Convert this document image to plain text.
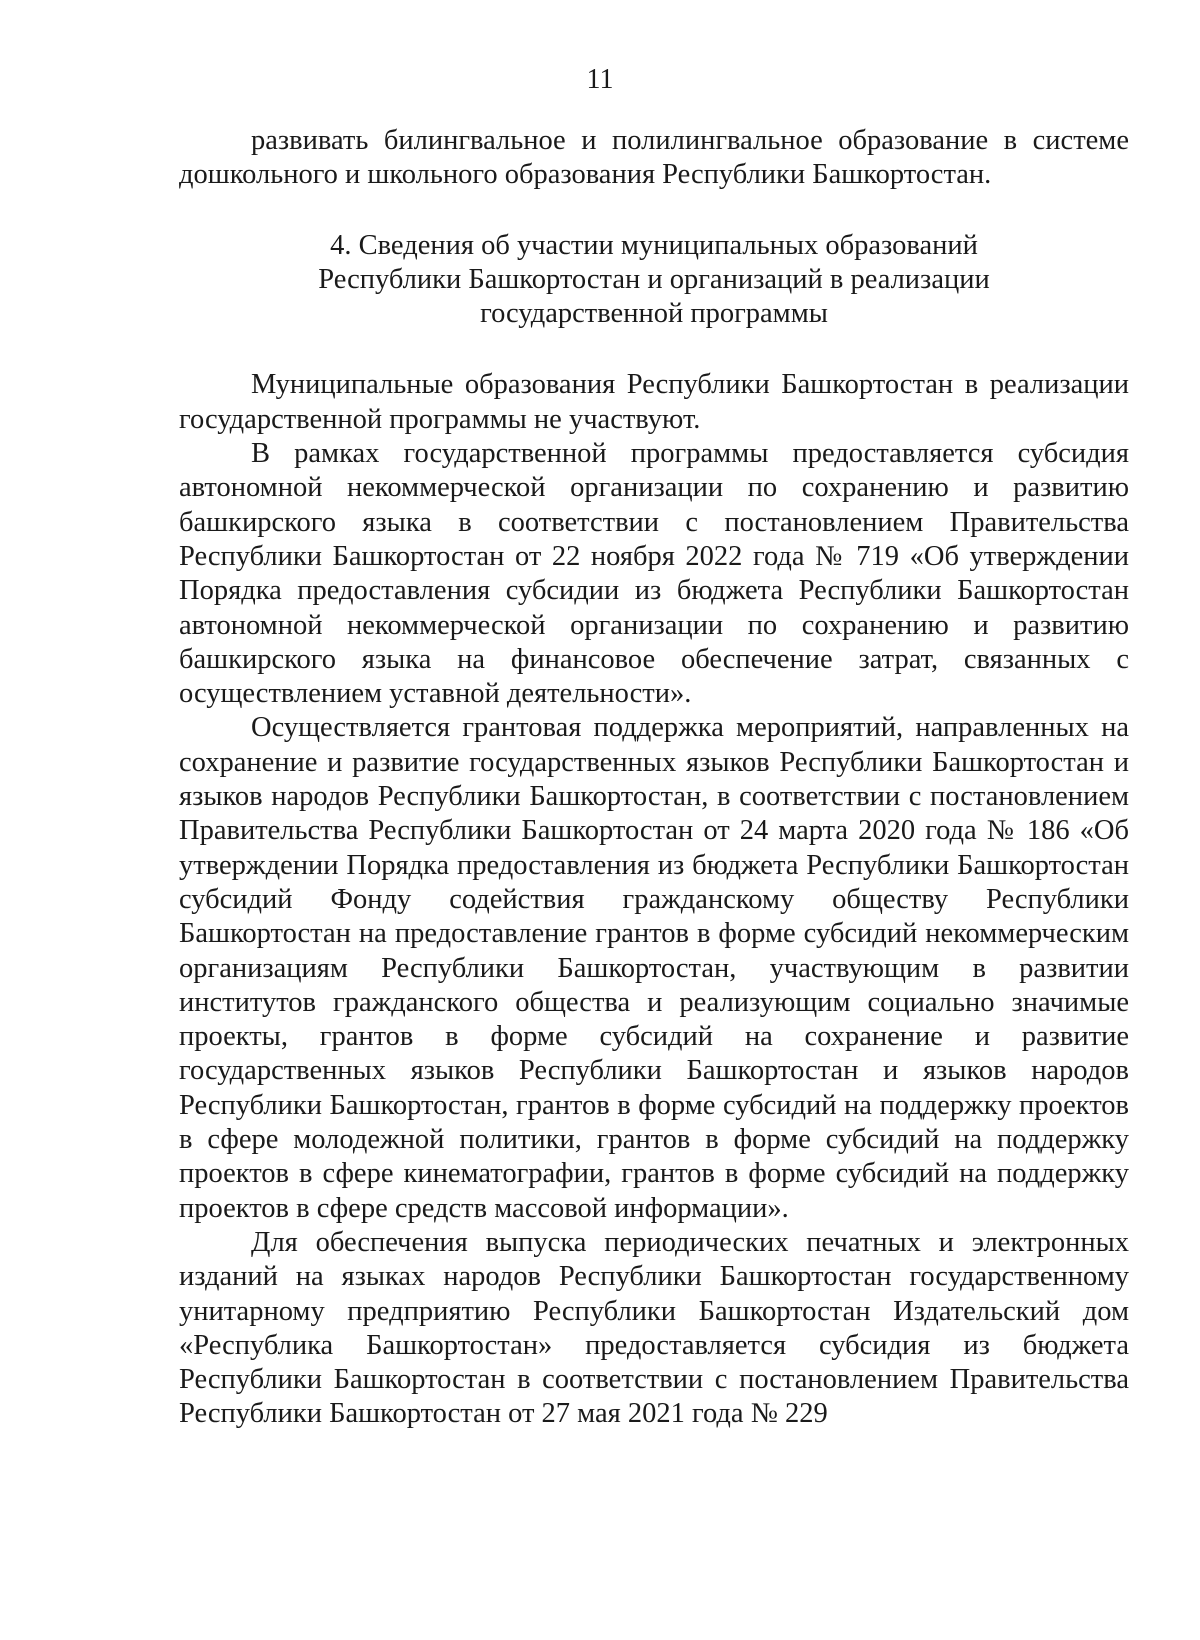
11

развивать билингвальное и полилингвальное образование в системе дошкольного и школьного образования Республики Башкортостан.

4. Сведения об участии муниципальных образований Республики Башкортостан и организаций в реализации государственной программы

Муниципальные образования Республики Башкортостан в реализации государственной программы не участвуют.

В рамках государственной программы предоставляется субсидия автономной некоммерческой организации по сохранению и развитию башкирского языка в соответствии с постановлением Правительства Республики Башкортостан от 22 ноября 2022 года № 719 «Об утверждении Порядка предоставления субсидии из бюджета Республики Башкортостан автономной некоммерческой организации по сохранению и развитию башкирского языка на финансовое обеспечение затрат, связанных с осуществлением уставной деятельности».

Осуществляется грантовая поддержка мероприятий, направленных на сохранение и развитие государственных языков Республики Башкортостан и языков народов Республики Башкортостан, в соответствии с постановлением Правительства Республики Башкортостан от 24 марта 2020 года № 186 «Об утверждении Порядка предоставления из бюджета Республики Башкортостан субсидий Фонду содействия гражданскому обществу Республики Башкортостан на предоставление грантов в форме субсидий некоммерческим организациям Республики Башкортостан, участвующим в развитии институтов гражданского общества и реализующим социально значимые проекты, грантов в форме субсидий на сохранение и развитие государственных языков Республики Башкортостан и языков народов Республики Башкортостан, грантов в форме субсидий на поддержку проектов в сфере молодежной политики, грантов в форме субсидий на поддержку проектов в сфере кинематографии, грантов в форме субсидий на поддержку проектов в сфере средств массовой информации».

Для обеспечения выпуска периодических печатных и электронных изданий на языках народов Республики Башкортостан государственному унитарному предприятию Республики Башкортостан Издательский дом «Республика Башкортостан» предоставляется субсидия из бюджета Республики Башкортостан в соответствии с постановлением Правительства Республики Башкортостан от 27 мая 2021 года № 229
